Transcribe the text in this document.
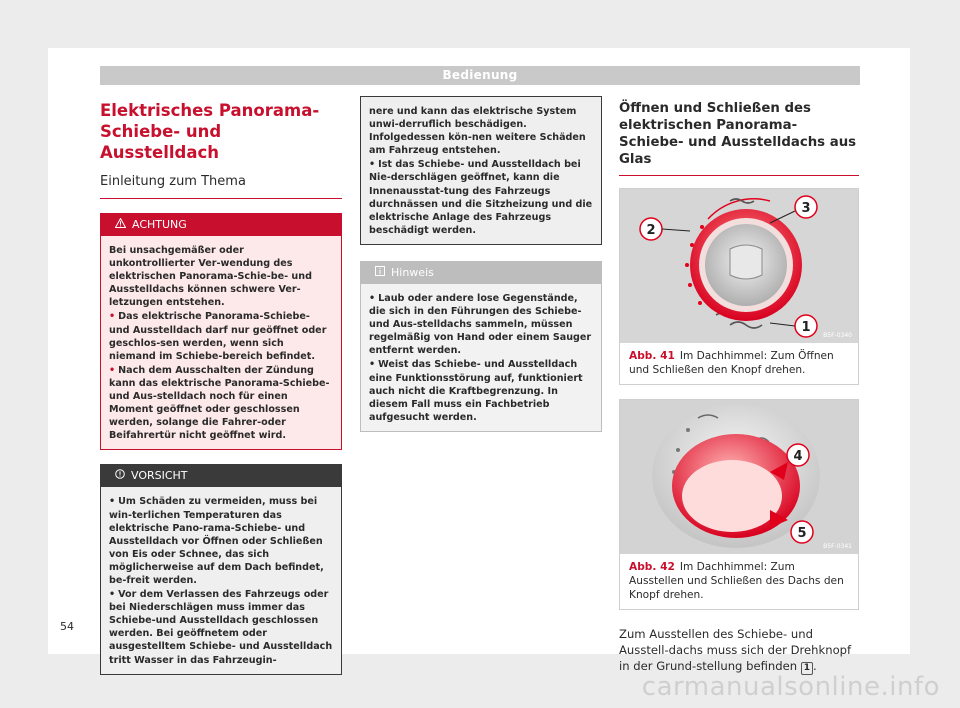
Bedienung
Elektrisches Panorama-
Schiebe- und Ausstelldach
Einleitung zum Thema
ACHTUNG
Bei unsachgemäßer oder unkontrollierter Ver-wendung des elektrischen Panorama-Schie-be- und Ausstelldachs können schwere Ver-letzungen entstehen.
• Das elektrische Panorama-Schiebe- und Ausstelldach darf nur geöffnet oder geschlos-sen werden, wenn sich niemand im Schiebe-bereich befindet.
• Nach dem Ausschalten der Zündung kann das elektrische Panorama-Schiebe- und Aus-stelldach noch für einen Moment geöffnet oder geschlossen werden, solange die Fahrer-oder Beifahrertür nicht geöffnet wird.
VORSICHT
• Um Schäden zu vermeiden, muss bei win-terlichen Temperaturen das elektrische Pano-rama-Schiebe- und Ausstelldach vor Öffnen oder Schließen von Eis oder Schnee, das sich möglicherweise auf dem Dach befindet, be-freit werden.
• Vor dem Verlassen des Fahrzeugs oder bei Niederschlägen muss immer das Schiebe-und Ausstelldach geschlossen werden. Bei geöffnetem oder ausgestelltem Schiebe- und Ausstelldach tritt Wasser in das Fahrzeugin-
nere und kann das elektrische System unwi-derruflich beschädigen. Infolgedessen kön-nen weitere Schäden am Fahrzeug entstehen.
• Ist das Schiebe- und Ausstelldach bei Nie-derschlägen geöffnet, kann die Innenausstat-tung des Fahrzeugs durchnässen und die Sitzheizung und die elektrische Anlage des Fahrzeugs beschädigt werden.
Hinweis
• Laub oder andere lose Gegenstände, die sich in den Führungen des Schiebe- und Aus-stelldachs sammeln, müssen regelmäßig von Hand oder einem Sauger entfernt werden.
• Weist das Schiebe- und Ausstelldach eine Funktionsstörung auf, funktioniert auch nicht die Kraftbegrenzung. In diesem Fall muss ein Fachbetrieb aufgesucht werden.
Öffnen und Schließen des elektrischen Panorama-Schiebe- und Ausstelldachs aus Glas
3
2
1
B5F-0340
Abb. 41 Im Dachhimmel: Zum Öffnen und Schließen den Knopf drehen.
4
5
B5F-0341
Abb. 42 Im Dachhimmel: Zum Ausstellen und Schließen des Dachs den Knopf drehen.
Zum Ausstellen des Schiebe- und Ausstell-dachs muss sich der Drehknopf in der Grund-stellung befinden 1 .
54
carmanualsonline.info
